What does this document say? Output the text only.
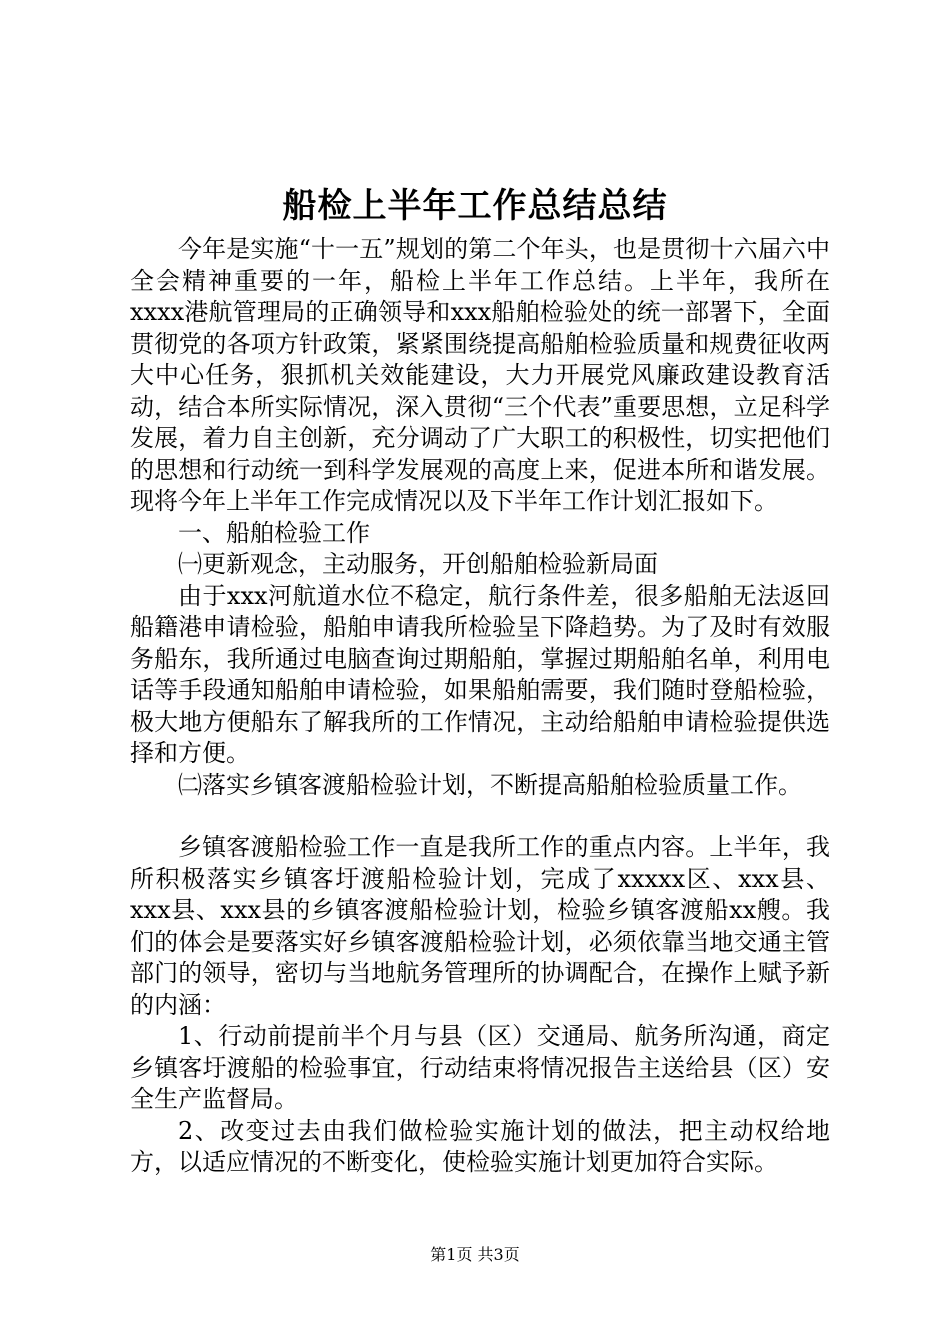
船检上半年工作总结总结

今年是实施“十一五”规划的第二个年头，也是贯彻十六届六中全会精神重要的一年，船检上半年工作总结。上半年，我所在xxxx港航管理局的正确领导和xxx船舶检验处的统一部署下，全面贯彻党的各项方针政策，紧紧围绕提高船舶检验质量和规费征收两大中心任务，狠抓机关效能建设，大力开展党风廉政建设教育活动，结合本所实际情况，深入贯彻“三个代表”重要思想，立足科学发展，着力自主创新，充分调动了广大职工的积极性，切实把他们的思想和行动统一到科学发展观的高度上来，促进本所和谐发展。现将今年上半年工作完成情况以及下半年工作计划汇报如下。

一、船舶检验工作

㈠更新观念，主动服务，开创船舶检验新局面

由于xxx河航道水位不稳定，航行条件差，很多船舶无法返回船籍港申请检验，船舶申请我所检验呈下降趋势。为了及时有效服务船东，我所通过电脑查询过期船舶，掌握过期船舶名单，利用电话等手段通知船舶申请检验，如果船舶需要，我们随时登船检验，极大地方便船东了解我所的工作情况，主动给船舶申请检验提供选择和方便。

㈡落实乡镇客渡船检验计划，不断提高船舶检验质量工作。

乡镇客渡船检验工作一直是我所工作的重点内容。上半年，我所积极落实乡镇客圩渡船检验计划，完成了xxxxx区、xxx县、xxx县、xxx县的乡镇客渡船检验计划，检验乡镇客渡船xx艘。我们的体会是要落实好乡镇客渡船检验计划，必须依靠当地交通主管部门的领导，密切与当地航务管理所的协调配合，在操作上赋予新的内涵：

1、行动前提前半个月与县（区）交通局、航务所沟通，商定乡镇客圩渡船的检验事宜，行动结束将情况报告主送给县（区）安全生产监督局。

2、改变过去由我们做检验实施计划的做法，把主动权给地方，以适应情况的不断变化，使检验实施计划更加符合实际。

第1页 共3页
